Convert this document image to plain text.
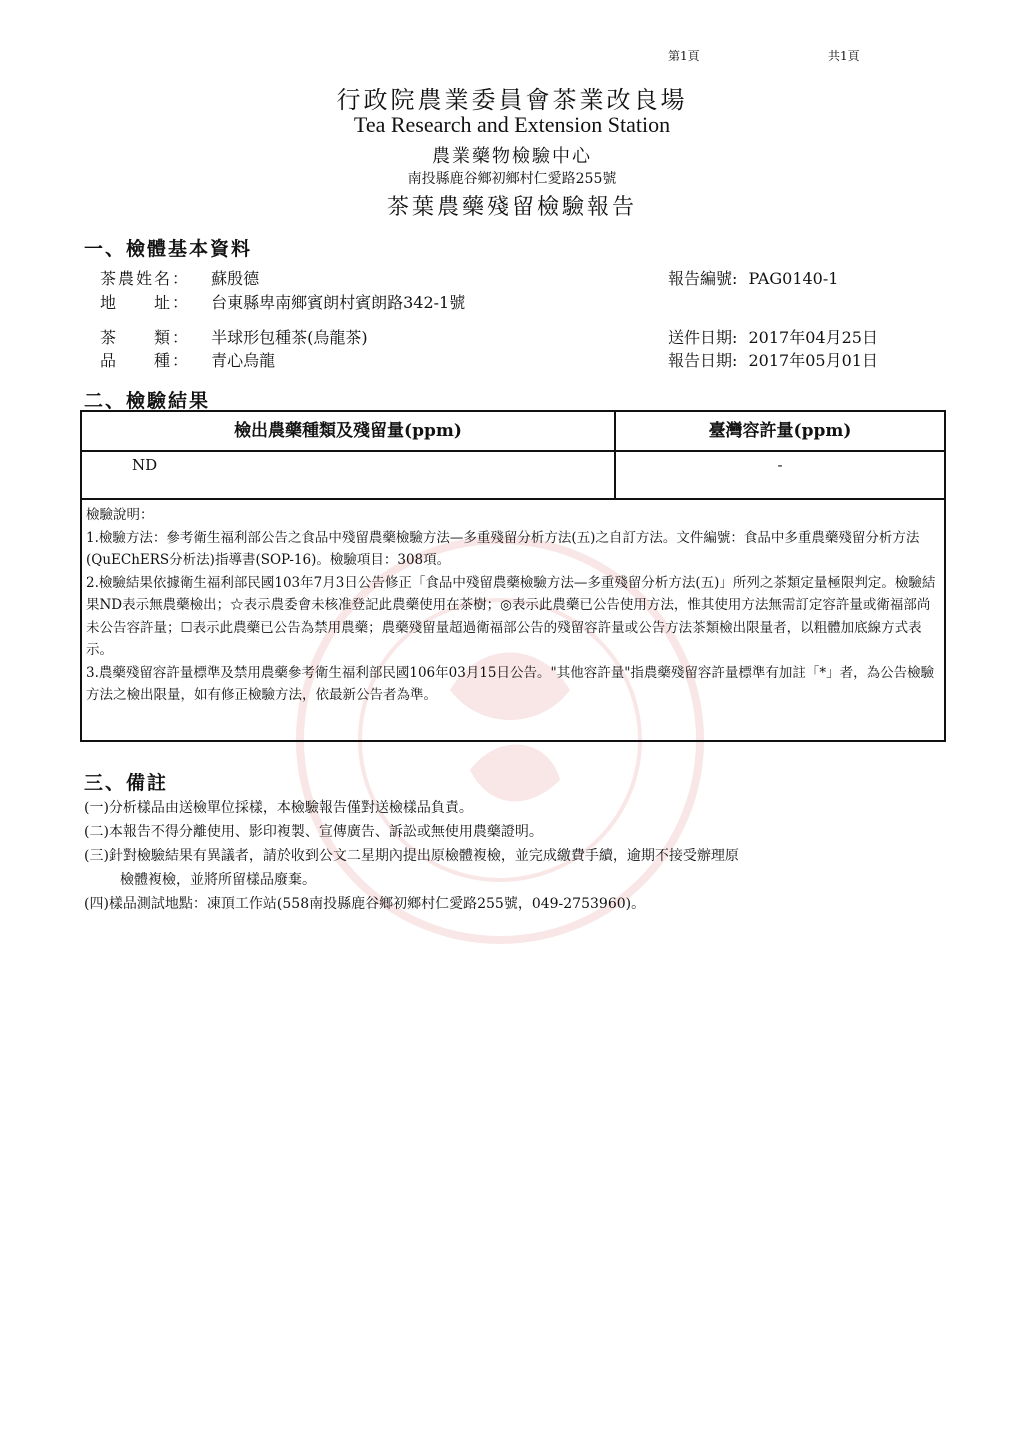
第1頁	共1頁
行政院農業委員會茶業改良場
Tea Research and Extension Station
農業藥物檢驗中心
南投縣鹿谷鄉初鄉村仁愛路255號
茶葉農藥殘留檢驗報告
一、檢體基本資料
茶農姓名： 蘇殷德
地　　址： 台東縣卑南鄉賓朗村賓朗路342-1號
報告編號: PAG0140-1
茶　　類： 半球形包種茶(烏龍茶)
品　　種： 青心烏龍
送件日期: 2017年04月25日
報告日期: 2017年05月01日
二、檢驗結果
檢出農藥種類及殘留量(ppm)	臺灣容許量(ppm)
ND	-

檢驗說明：

1.檢驗方法：參考衛生福利部公告之食品中殘留農藥檢驗方法—多重殘留分析方法(五)之自訂方法。文件編號：食品中多重農藥殘留分析方法(QuEChERS分析法)指導書(SOP-16)。檢驗項目：308項。

2.檢驗結果依據衛生福利部民國103年7月3日公告修正「食品中殘留農藥檢驗方法—多重殘留分析方法(五)」所列之茶類定量極限判定。檢驗結果ND表示無農藥檢出；☆表示農委會未核准登記此農藥使用在茶樹；◎表示此農藥已公告使用方法，惟其使用方法無需訂定容許量或衛福部尚未公告容許量；☐表示此農藥已公告為禁用農藥；農藥殘留量超過衛福部公告的殘留容許量或公告方法茶類檢出限量者，以粗體加底線方式表示。

3.農藥殘留容許量標準及禁用農藥參考衛生福利部民國106年03月15日公告。"其他容許量"指農藥殘留容許量標準有加註「*」者，為公告檢驗方法之檢出限量，如有修正檢驗方法，依最新公告者為準。

三、備註

(一)分析樣品由送檢單位採樣，本檢驗報告僅對送檢樣品負責。

(二)本報告不得分離使用、影印複製、宣傳廣告、訴訟或無使用農藥證明。

(三)針對檢驗結果有異議者，請於收到公文二星期內提出原檢體複檢，並完成繳費手續，逾期不接受辦理原

檢體複檢，並將所留樣品廢棄。

(四)樣品測試地點：凍頂工作站(558南投縣鹿谷鄉初鄉村仁愛路255號，049-2753960)。
